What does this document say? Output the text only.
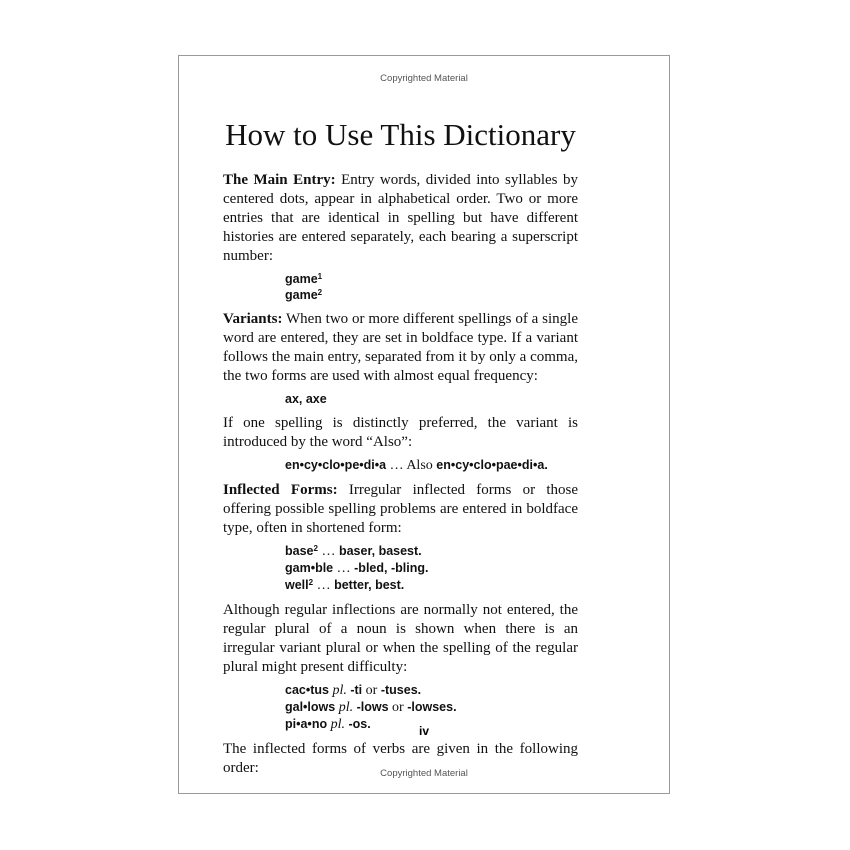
Copyrighted Material
How to Use This Dictionary

The Main Entry: Entry words, divided into syllables by centered dots, appear in alphabetical order. Two or more entries that are identical in spelling but have different histories are entered separately, each bearing a superscript number:

game$^1$
game$^2$

Variants: When two or more different spellings of a single word are entered, they are set in boldface type. If a variant follows the main entry, separated from it by only a comma, the two forms are used with almost equal frequency:

ax, axe

If one spelling is distinctly preferred, the variant is introduced by the word “Also”:

en•cy•clo•pe•di•a … Also en•cy•clo•pae•di•a.

Inflected Forms: Irregular inflected forms or those offering possible spelling problems are entered in boldface type, often in shortened form:

base$^2$ … baser, basest.
gam•ble … -bled, -bling.
well$^2$ … better, best.

Although regular inflections are normally not entered, the regular plural of a noun is shown when there is an irregular variant plural or when the spelling of the regular plural might present difficulty:

cac•tus pl. -ti or -tuses.
gal•lows pl. -lows or -lowses.
pi•a•no pl. -os.

The inflected forms of verbs are given in the following order:

iv
Copyrighted Material
